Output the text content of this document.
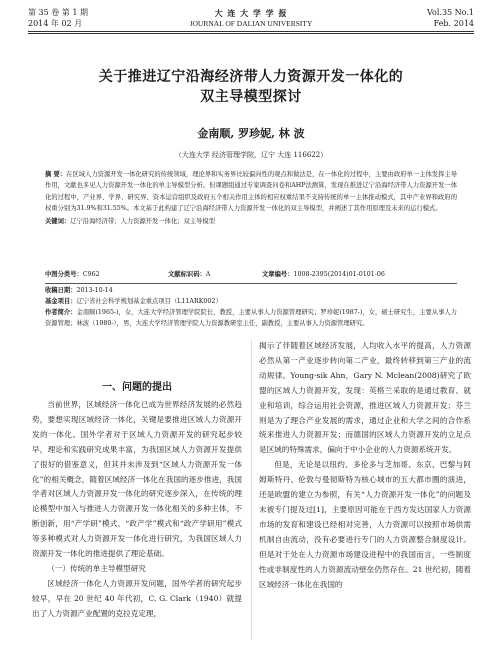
第 35 卷 第 1 期
2014 年 02 月
大 连 大 学 学 报
JOURNAL OF DALIAN UNIVERSITY
Vol.35 No.1
Feb. 2014
关于推进辽宁沿海经济带人力资源开发一体化的
双主导模型探讨
金南顺, 罗珍妮, 林 波
（大连大学 经济管理学院，辽宁 大连 116622）

摘 要：在区域人力资源开发一体化研究的传统领域，理论界和实务界比较偏向性的观点和做法是，在一体化的过程中，主要由政府单一主体发挥主导作用，文献也多见人力资源开发一体化的单主导模型分析。但课题组通过专家调查问卷和AHP法测算，发现在推进辽宁沿海经济带人力资源开发一体化的过程中，产业界、学界、研究界、资本运营组织及政府五个相关作用主体的相应权重结果不支持传统的单一主体推动模式，其中产业界和政府的权重分别为31.9%和31.55%。本文基于此构建了辽宁沿海经济带人力资源开发一体化的双主导模型，并阐述了其作用原理及未来的运行模式。

关键词：辽宁沿海经济带；人力资源开发一体化；双主导模型

中图分类号：C962	文献标识码：A	文章编号：1008-2395(2014)01-0101-06

收稿日期：2013-10-14

基金项目：辽宁省社会科学规划基金重点项目（L11ARK002）

作者简介：金南顺(1965-)，女，大连大学经济管理学院院长，教授，主要从事人力资源管理研究；罗珍妮(1987-)，女，硕士研究生，主要从事人力资源管理；林波（1980-），男，大连大学经济管理学院人力资源教研室主任，副教授，主要从事人力资源管理研究。

一、问题的提出

当前世界，区域经济一体化已成为世界经济发展的必然趋势，要想实现区域经济一体化，关键是要推进区域人力资源开发的一体化。国外学者对于区域人力资源开发的研究起步较早，理论和实践研究成果丰富，为我国区域人力资源开发提供了很好的借鉴意义，但其并未涉及到“区域人力资源开发一体化”的相关概念，随着区域经济一体化在我国的逐步推进，我国学者对区域人力资源开发一体化的研究逐步深入，在传统的理论模型中加入与推进人力资源开发一体化相关的多种主体，不断创新，用“产学研”模式、“政产学”模式和“政产学研用”模式等多种模式对人力资源开发一体化进行研究，为我国区域人力资源开发一体化的推进提供了理论基础。

（一）传统的单主导模型研究

区域经济一体化人力资源开发问题，国外学者的研究起步较早，早在 20 世纪 40 年代初，C. G. Clark（1940）就提出了人力资源产业配置的克拉克定理，

揭示了伴随着区域经济发展，人均收入水平的提高，人力资源必然从第一产业逐步转向第二产业，最终转移到第三产业的流动规律。Young-sik Ahn，Gary N. Mclean(2008)研究了欧盟的区域人力资源开发，发现：英格兰采取的是通过教育、就业和培训，综合运用社会资源，推进区域人力资源开发；芬兰则是为了理合产业发展的需求，通过企业和大学之间的合作系统来推进人力资源开发；而德国的区域人力资源开发的立足点是区域的特殊需求，偏向于中小企业的人力资源系统开发。

但是，无论是以纽约、多伦多与芝加哥、东京、巴黎与阿姆斯特丹、伦敦与曼彻斯特为核心城市的五大都市圈的演进，还是欧盟的建立为参照，有关“人力资源开发一体化”的问题及未被专门提及过[1]，主要原因可能在于西方发达国家人力资源市场的发育和建设已经相对完善，人力资源可以按照市场供需机制自由流动，没有必要进行专门的人力资源整合制度设计。但是对于处在人力资源市场建设进程中的我国而言，一些制度性或非制度性的人力资源流动壁垒仍然存在。21 世纪初，随着区域经济一体化在我国的
